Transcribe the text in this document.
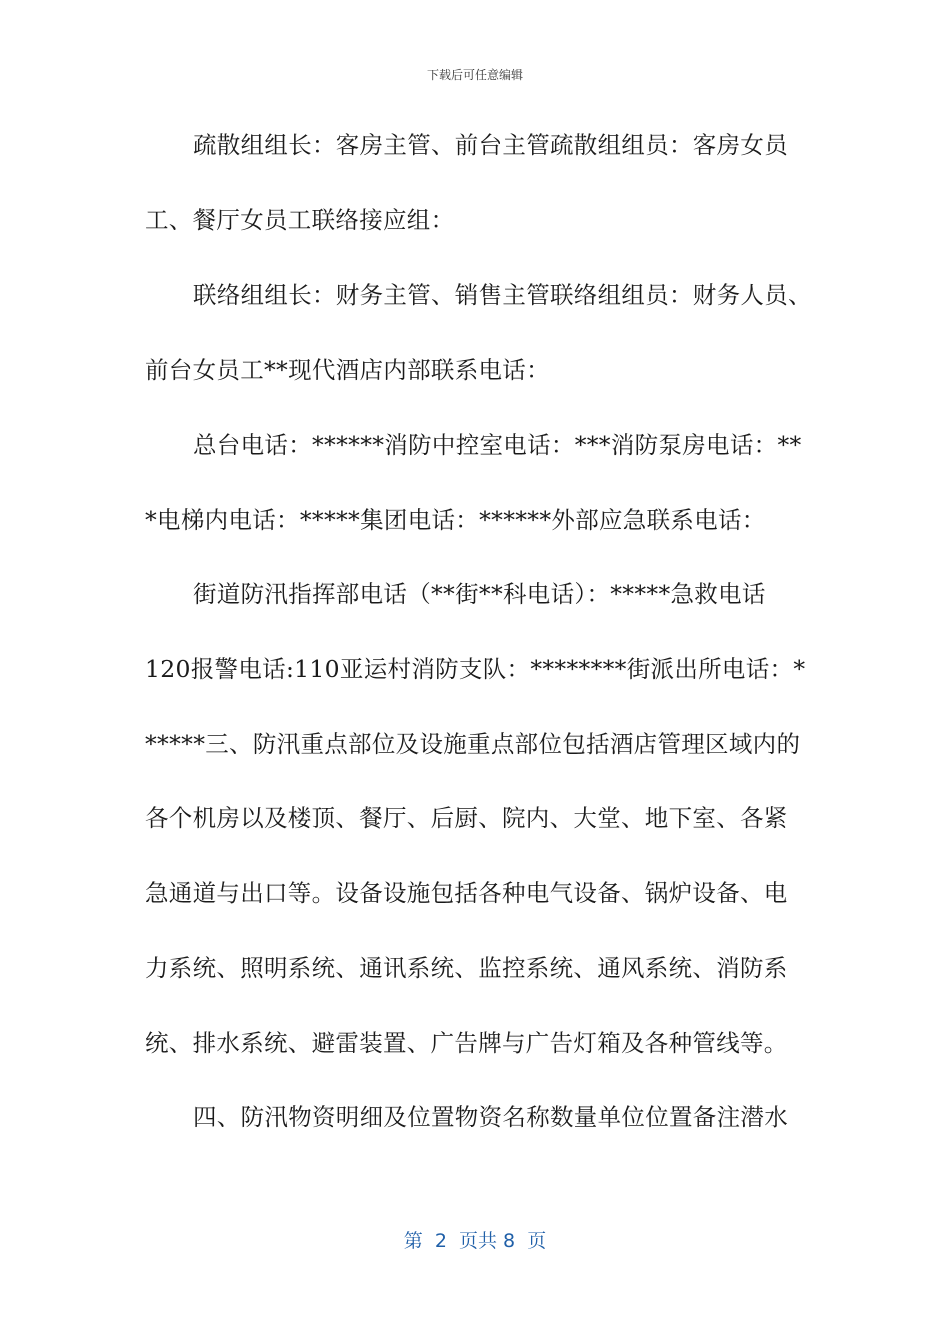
下载后可任意编辑
疏散组组长：客房主管、前台主管疏散组组员：客房女员
工、餐厅女员工联络接应组：
联络组组长：财务主管、销售主管联络组组员：财务人员、
前台女员工**现代酒店内部联系电话：
总台电话：******消防中控室电话：***消防泵房电话：**
*电梯内电话：*****集团电话：******外部应急联系电话：
街道防汛指挥部电话（**街**科电话）：*****急救电话
120报警电话:110亚运村消防支队：********街派出所电话：*
*****三、防汛重点部位及设施重点部位包括酒店管理区域内的
各个机房以及楼顶、餐厅、后厨、院内、大堂、地下室、各紧
急通道与出口等。设备设施包括各种电气设备、锅炉设备、电
力系统、照明系统、通讯系统、监控系统、通风系统、消防系
统、排水系统、避雷装置、广告牌与广告灯箱及各种管线等。
四、防汛物资明细及位置物资名称数量单位位置备注潜水
第  2  页共 8  页
